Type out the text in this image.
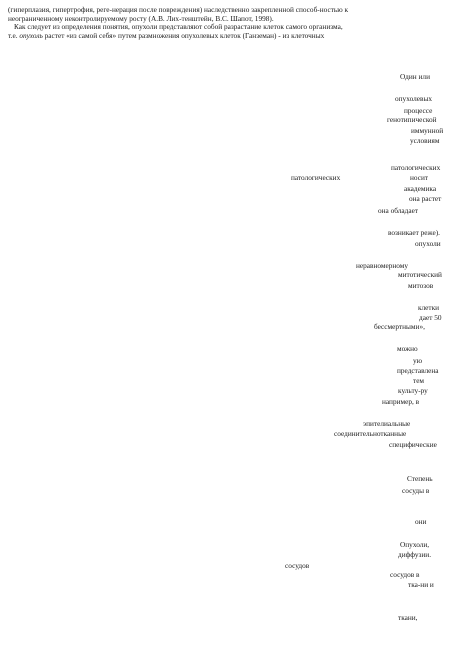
(гиперплазия, гипертрофия, реге-нерация после повреждения) наследственно закрепленной способ-ностью к

неограниченному неконтролируемому росту (А.В. Лих-тенштейн, В.С. Шапот, 1998).

Как следует из определения понятия, опухоли представляют собой разрастание клеток самого организма,

т.е. опухоль растет «из самой себя» путем размножения опухолевых клеток (Ганземан) - из клеточных

Один или

опухолевых

процессе

генотипической

иммунной

условиям

патологических

патологических	носит

академика

она растет

она обладает

возникает реже).

опухоли

неравномерному

митотический

митозов

клетки

дает 50

бессмертными»,

можно

ую

представлена

тем

культу-ру

например, в

эпителиальные

соединительнотканные

специфические

Степень

сосуды в

они

Опухоли,

диффузии.

сосудов

сосудов в

тка-ни и

ткани,
